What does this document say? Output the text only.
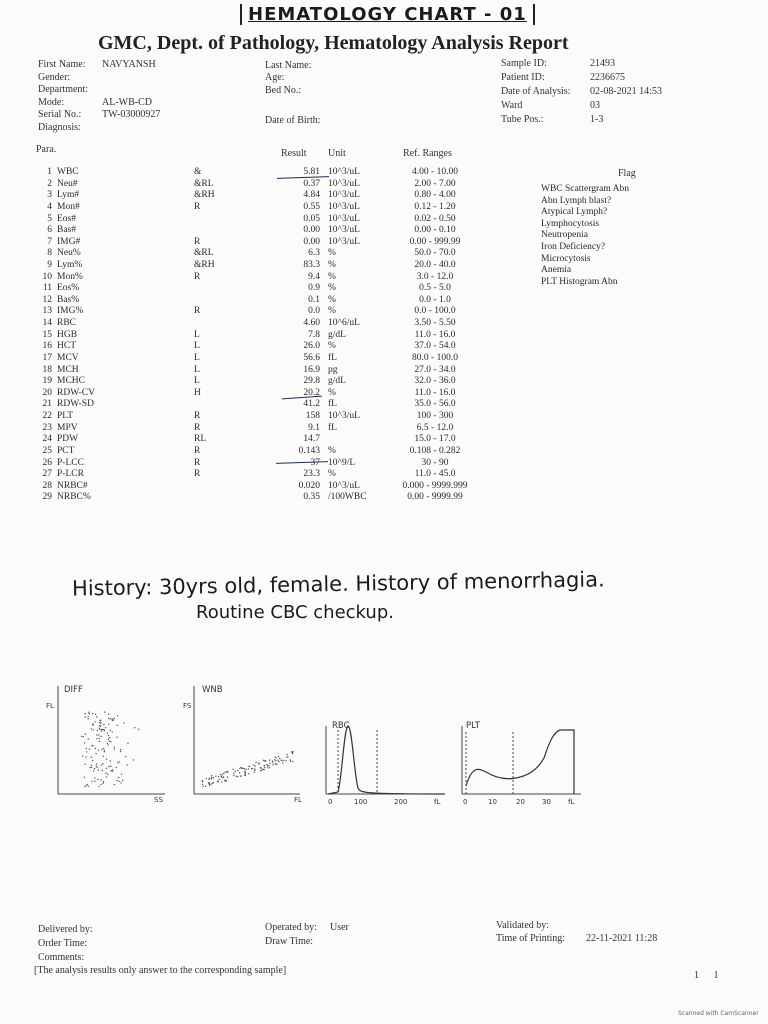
HEMATOLOGY CHART - 01
GMC, Dept. of Pathology, Hematology Analysis Report
First Name: NAVYANSH
Gender:
Department:
Mode:	AL-WB-CD
Serial No.: TW-03000927
Diagnosis:
Last Name:
Age:
Bed No.:
Date of Birth:
Sample ID:	21493
Patient ID:	2236675
Date of Analysis: 02-08-2021 14:53
Ward	03
Tube Pos.:	1-3
Para.	Result Unit	Ref. Ranges
Flag
1 WBC	&	5.81 10^3/uL	4.00 - 10.00
2 Neu#	&RL	0.37 10^3/uL	2.00 - 7.00
3 Lym#	&RH	4.84 10^3/uL	0.80 - 4.00
4 Mon#	R	0.55 10^3/uL	0.12 - 1.20
5 Eos#	0.05 10^3/uL	0.02 - 0.50
6 Bas#	0.00 10^3/uL	0.00 - 0.10
7 IMG#	R	0.00 10^3/uL	0.00 - 999.99
8 Neu%	&RL	6.3 %	50.0 - 70.0
9 Lym%	&RH	83.3 %	20.0 - 40.0
10 Mon%	R	9.4 %	3.0 - 12.0
11 Eos%	0.9 %	0.5 - 5.0
12 Bas%	0.1 %	0.0 - 1.0
13 IMG%	R	0.0 %	0.0 - 100.0
14 RBC	4.60 10^6/uL	3.50 - 5.50
15 HGB	L	7.8 g/dL	11.0 - 16.0
16 HCT	L	26.0 %	37.0 - 54.0
17 MCV	L	56.6 fL	80.0 - 100.0
18 MCH	L	16.9 pg	27.0 - 34.0
19 MCHC	L	29.8 g/dL	32.0 - 36.0
20 RDW-CV	H	20.2 %	11.0 - 16.0
21 RDW-SD	41.2 fL	35.0 - 56.0
22 PLT	R	158 10^3/uL	100 - 300
23 MPV	R	9.1 fL	6.5 - 12.0
24 PDW	RL	14.7	15.0 - 17.0
25 PCT	R	0.143 %	0.108 - 0.282
26 P-LCC	R	37 10^9/L	30 - 90
27 P-LCR	R	23.3 %	11.0 - 45.0
28 NRBC#	0.020 10^3/uL	0.000 - 9999.999
29 NRBC%	0.35 /100WBC	0.00 - 9999.99
WBC Scattergram Abn
Abn Lymph blast?
Atypical Lymph?
Lymphocytosis
Neutropenia
Iron Deficiency?
Microcytosis
Anemia
PLT Histogram Abn
History: 30yrs old, female. History of menorrhagia.
Routine CBC checkup.
DIFF
FL
SS
WNB
FS
FL
RBC
0	100	200	fL
PLT
0	10	20 30 fL
Delivered by:
Order Time:
Comments:
[The analysis results only answer to the corresponding sample]
Operated by: User
Draw Time:
Validated by:
Time of Printing: 22-11-2021 11:28
1 1
Scanned with CamScanner
